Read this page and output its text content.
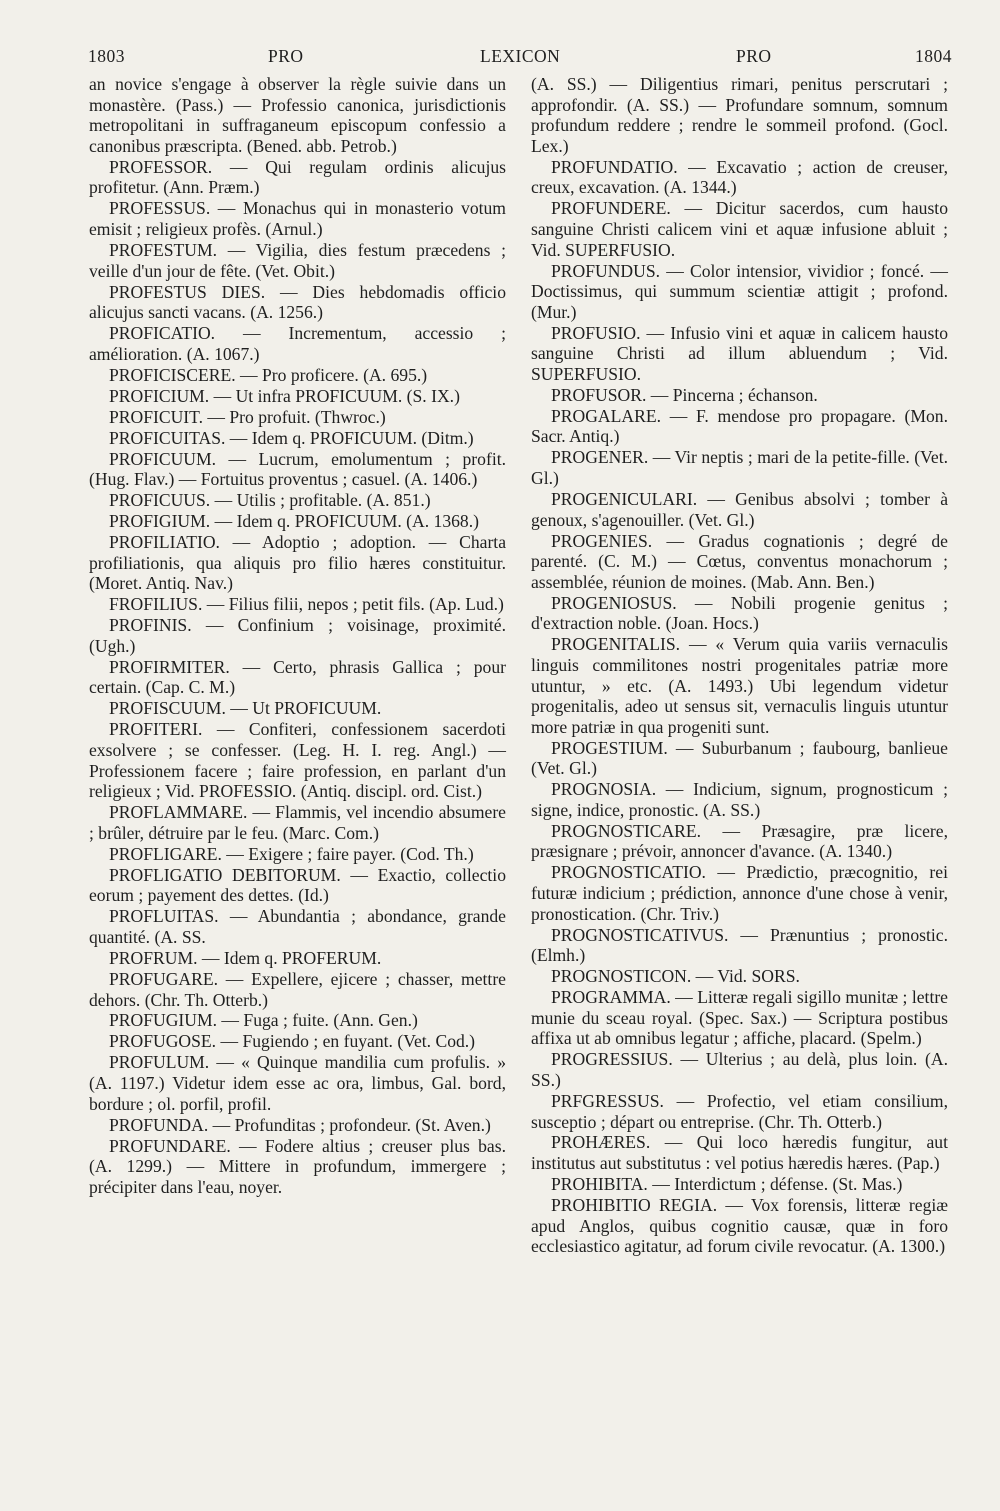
1803	PRO	LEXICON	PRO	1804

an novice s'engage à observer la règle suivie dans un monastère. (Pass.) — Professio canonica, jurisdictionis metropolitani in suffraganeum episcopum confessio a canonibus præscripta. (Bened. abb. Petrob.)

PROFESSOR. — Qui regulam ordinis alicujus profitetur. (Ann. Præm.)

PROFESSUS. — Monachus qui in monasterio votum emisit ; religieux profès. (Arnul.)

PROFESTUM. — Vigilia, dies festum præcedens ; veille d'un jour de fête. (Vet. Obit.)

PROFESTUS DIES. — Dies hebdomadis officio alicujus sancti vacans. (A. 1256.)

PROFICATIO. — Incrementum, accessio ; amélioration. (A. 1067.)

PROFICISCERE. — Pro proficere. (A. 695.)

PROFICIUM. — Ut infra PROFICUUM. (S. IX.)

PROFICUIT. — Pro profuit. (Thwroc.)

PROFICUITAS. — Idem q. PROFICUUM. (Ditm.)

PROFICUUM. — Lucrum, emolumentum ; profit. (Hug. Flav.) — Fortuitus proventus ; casuel. (A. 1406.)

PROFICUUS. — Utilis ; profitable. (A. 851.)

PROFIGIUM. — Idem q. PROFICUUM. (A. 1368.)

PROFILIATIO. — Adoptio ; adoption. — Charta profiliationis, qua aliquis pro filio hæres constituitur. (Moret. Antiq. Nav.)

FROFILIUS. — Filius filii, nepos ; petit fils. (Ap. Lud.)

PROFINIS. — Confinium ; voisinage, proximité. (Ugh.)

PROFIRMITER. — Certo, phrasis Gallica ; pour certain. (Cap. C. M.)

PROFISCUUM. — Ut PROFICUUM.

PROFITERI. — Confiteri, confessionem sacerdoti exsolvere ; se confesser. (Leg. H. I. reg. Angl.) — Professionem facere ; faire profession, en parlant d'un religieux ; Vid. PROFESSIO. (Antiq. discipl. ord. Cist.)

PROFLAMMARE. — Flammis, vel incendio absumere ; brûler, détruire par le feu. (Marc. Com.)

PROFLIGARE. — Exigere ; faire payer. (Cod. Th.)

PROFLIGATIO DEBITORUM. — Exactio, collectio eorum ; payement des dettes. (Id.)

PROFLUITAS. — Abundantia ; abondance, grande quantité. (A. SS.

PROFRUM. — Idem q. PROFERUM.

PROFUGARE. — Expellere, ejicere ; chasser, mettre dehors. (Chr. Th. Otterb.)

PROFUGIUM. — Fuga ; fuite. (Ann. Gen.)

PROFUGOSE. — Fugiendo ; en fuyant. (Vet. Cod.)

PROFULUM. — « Quinque mandilia cum profulis. » (A. 1197.) Videtur idem esse ac ora, limbus, Gal. bord, bordure ; ol. porfil, profil.

PROFUNDA. — Profunditas ; profondeur. (St. Aven.)

PROFUNDARE. — Fodere altius ; creuser plus bas. (A. 1299.) — Mittere in profundum, immergere ; précipiter dans l'eau, noyer.

(A. SS.) — Diligentius rimari, penitus perscrutari ; approfondir. (A. SS.) — Profundare somnum, somnum profundum reddere ; rendre le sommeil profond. (Gocl. Lex.)

PROFUNDATIO. — Excavatio ; action de creuser, creux, excavation. (A. 1344.)

PROFUNDERE. — Dicitur sacerdos, cum hausto sanguine Christi calicem vini et aquæ infusione abluit ; Vid. SUPERFUSIO.

PROFUNDUS. — Color intensior, vividior ; foncé. — Doctissimus, qui summum scientiæ attigit ; profond. (Mur.)

PROFUSIO. — Infusio vini et aquæ in calicem hausto sanguine Christi ad illum abluendum ; Vid. SUPERFUSIO.

PROFUSOR. — Pincerna ; échanson.

PROGALARE. — F. mendose pro propagare. (Mon. Sacr. Antiq.)

PROGENER. — Vir neptis ; mari de la petite-fille. (Vet. Gl.)

PROGENICULARI. — Genibus absolvi ; tomber à genoux, s'agenouiller. (Vet. Gl.)

PROGENIES. — Gradus cognationis ; degré de parenté. (C. M.) — Cœtus, conventus monachorum ; assemblée, réunion de moines. (Mab. Ann. Ben.)

PROGENIOSUS. — Nobili progenie genitus ; d'extraction noble. (Joan. Hocs.)

PROGENITALIS. — « Verum quia variis vernaculis linguis commilitones nostri progenitales patriæ more utuntur, » etc. (A. 1493.) Ubi legendum videtur progenitalis, adeo ut sensus sit, vernaculis linguis utuntur more patriæ in qua progeniti sunt.

PROGESTIUM. — Suburbanum ; faubourg, banlieue (Vet. Gl.)

PROGNOSIA. — Indicium, signum, prognosticum ; signe, indice, pronostic. (A. SS.)

PROGNOSTICARE. — Præsagire, præ licere, præsignare ; prévoir, annoncer d'avance. (A. 1340.)

PROGNOSTICATIO. — Prædictio, præcognitio, rei futuræ indicium ; prédiction, annonce d'une chose à venir, pronostication. (Chr. Triv.)

PROGNOSTICATIVUS. — Prænuntius ; pronostic. (Elmh.)

PROGNOSTICON. — Vid. SORS.

PROGRAMMA. — Litteræ regali sigillo munitæ ; lettre munie du sceau royal. (Spec. Sax.) — Scriptura postibus affixa ut ab omnibus legatur ; affiche, placard. (Spelm.)

PROGRESSIUS. — Ulterius ; au delà, plus loin. (A. SS.)

PRFGRESSUS. — Profectio, vel etiam consilium, susceptio ; départ ou entreprise. (Chr. Th. Otterb.)

PROHÆRES. — Qui loco hæredis fungitur, aut institutus aut substitutus : vel potius hæredis hæres. (Pap.)

PROHIBITA. — Interdictum ; défense. (St. Mas.)

PROHIBITIO REGIA. — Vox forensis, litteræ regiæ apud Anglos, quibus cognitio causæ, quæ in foro ecclesiastico agitatur, ad forum civile revocatur. (A. 1300.)
